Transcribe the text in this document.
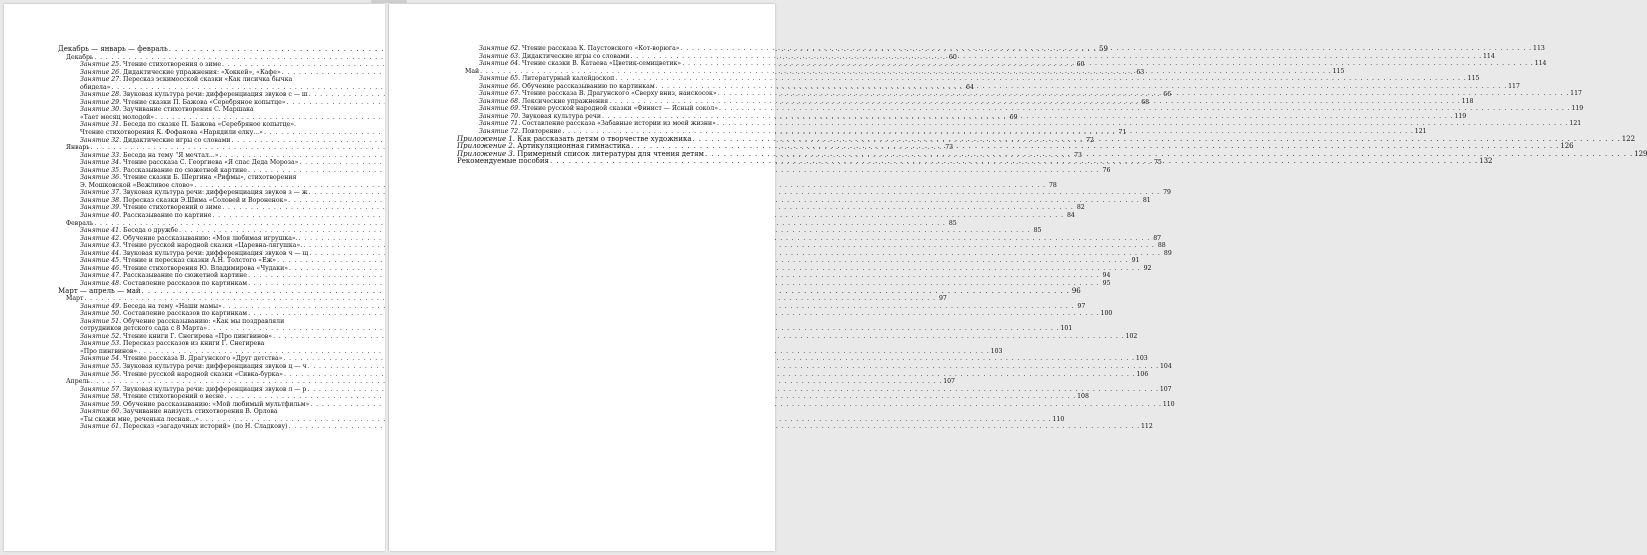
Декабрь — январь — февраль . . .	59
Декабрь . . .	60
Занятие 25. Чтение стихотворения о зиме . . .	60
Занятие 26. Дидактические упражнения: «Хоккей», «Кафе» . . .	63
Занятие 27. Пересказ эскимосской сказки «Как лисичка бычка
обидела» . . .	64
Занятие 28. Звуковая культура речи: дифференциация звуков с — ш . . .	66
Занятие 29. Чтение сказки П. Бажова «Серебряное копытце» . . .	68
Занятие 30. Заучивание стихотворения С. Маршака
«Тает месяц молодой» . . .	69
Занятие 31. Беседа по сказке П. Бажова «Серебряное копытце».
Чтение стихотворения К. Фофанова «Нарядили елку...» . . .	71
Занятие 32. Дидактические игры со словами . . .	72
Январь . . .	73
Занятие 33. Беседа на тему “Я мечтал...» . . .	73
Занятие 34. Чтение рассказа С. Георгиева «Я спас Деда Мороза» . . .	75
Занятие 35. Рассказывание по сюжетной картине . . .	76
Занятие 36. Чтение сказки Б. Шергина «Рифмы», стихотворения
Э. Мошковской «Вежливое слово» . . .	78
Занятие 37. Звуковая культура речи: дифференциация звуков з — ж . . .	79
Занятие 38. Пересказ сказки Э.Шима «Соловей и Вороненок» . . .	81
Занятие 39. Чтение стихотворений о зиме . . .	82
Занятие 40. Рассказывание по картине . . .	84
Февраль . . .	85
Занятие 41. Беседа о дружбе . . .	85
Занятие 42. Обучение рассказыванию: «Моя любимая игрушка». . . .	87
Занятие 43. Чтение русской народной сказки «Царевна-лягушка». . . .	88
Занятие 44. Звуковая культура речи: дифференциация звуков ч — щ . . .	89
Занятие 45. Чтение и пересказ сказки А.Н. Толстого «Еж» . . .	91
Занятие 46. Чтение стихотворения Ю. Владимирова «Чудаки» . . .	92
Занятие 47. Рассказывание по сюжетной картине . . .	94
Занятие 48. Составление рассказов по картинкам . . .	95
Март — апрель — май . . .	96
Март . . .	97
Занятие 49. Беседа на тему «Наши мамы» . . .	97
Занятие 50. Составление рассказов по картинкам . . .	100
Занятие 51. Обучение рассказыванию: «Как мы поздравляли
сотрудников детского сада с 8 Марта» . . .	101
Занятие 52. Чтение книги Г. Снегирева «Про пингвинов» . . .	102
Занятие 53. Пересказ рассказов из книги Г. Снегирева
«Про пингвинов» . . .	103
Занятие 54. Чтение рассказа В. Драгунского «Друг детства» . . .	103
Занятие 55. Звуковая культура речи: дифференциация звуков ц — ч . . .	104
Занятие 56. Чтение русской народной сказки «Сивка-бурка» . . .	106
Апрель . . .	107
Занятие 57. Звуковая культура речи: дифференциация звуков л — р . . .	107
Занятие 58. Чтение стихотворений о весне . . .	108
Занятие 59. Обучение рассказыванию: «Мой любимый мультфильм» . . .	110
Занятие 60. Заучивание наизусть стихотворения В. Орлова
«Ты скажи мне, реченька лесная...» . . .	110
Занятие 61. Пересказ «загадочных историй» (по Н. Сладкову) . . .	112
Занятие 62. Чтение рассказа К. Паустовского «Кот-ворюга» . . .	113
Занятие 63. Дидактические игры со словами . . .	114
Занятие 64. Чтение сказки В. Катаева «Цветик-семицветик» . . .	114
Май . . .	115
Занятие 65. Литературный калейдоскоп . . .	115
Занятие 66. Обучение рассказыванию по картинкам . . .	117
Занятие 67. Чтение рассказа В. Драгунского «Сверху вниз, наискосок» . . .	117
Занятие 68. Лексические упражнения . . .	118
Занятие 69. Чтение русской народной сказки «Финист — Ясный сокол» . . .	119
Занятие 70. Звуковая культура речи . . .	119
Занятие 71. Составление рассказа «Забавные истории из моей жизни» . . .	121
Занятие 72. Повторение . . .	121
Приложение 1. Как рассказать детям о творчестве художника . . .	122
Приложение 2. Артикуляционная гимнастика . . .	126
Приложение 3. Примерный список литературы для чтения детям . . .	129
Рекомендуемые пособия . . .	132
